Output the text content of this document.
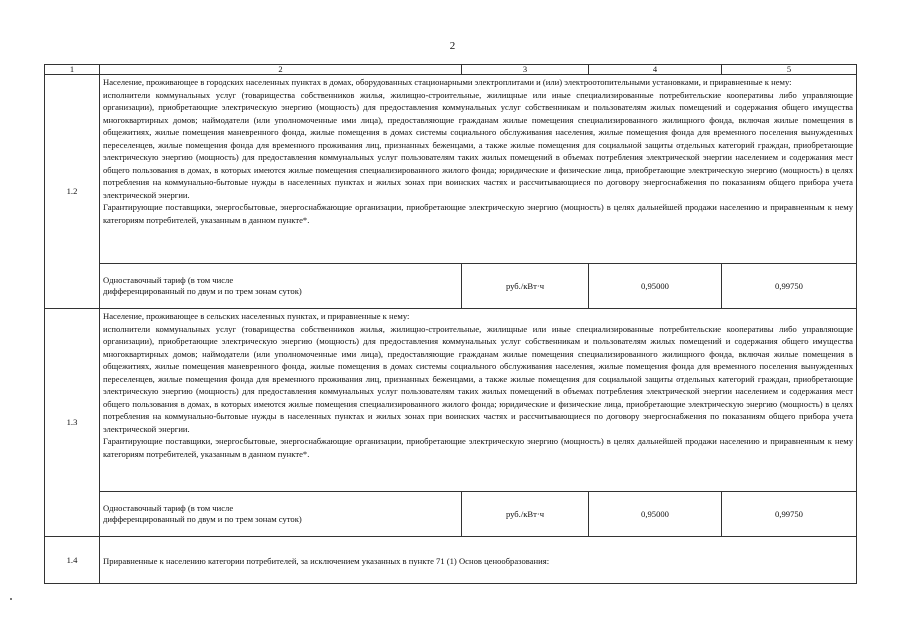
2
1	2	3	4	5
1.2	Население, проживающее в городских населенных пунктах в домах, оборудованных стационарными электроплитами и (или) электроотопительными установками, и приравненные к нему:

исполнители коммунальных услуг (товарищества собственников жилья, жилищно-строительные, жилищные или иные специализированные потребительские кооперативы либо управляющие организации), приобретающие электрическую энергию (мощность) для предоставления коммунальных услуг собственникам и пользователям жилых помещений и содержания общего имущества многоквартирных домов; наймодатели (или уполномоченные ими лица), предоставляющие гражданам жилые помещения специализированного жилищного фонда, включая жилые помещения в общежитиях, жилые помещения маневренного фонда, жилые помещения в домах системы социального обслуживания населения, жилые помещения фонда для временного поселения вынужденных переселенцев, жилые помещения фонда для временного проживания лиц, признанных беженцами, а также жилые помещения для социальной защиты отдельных категорий граждан, приобретающие электрическую энергию (мощность) для предоставления коммунальных услуг пользователям таких жилых помещений в объемах потребления электрической энергии населением и содержания мест общего пользования в домах, в которых имеются жилые помещения специализированного жилого фонда; юридические и физические лица, приобретающие электрическую энергию (мощность) в целях потребления на коммунально-бытовые нужды в населенных пунктах и жилых зонах при воинских частях и рассчитывающиеся по договору энергоснабжения по показаниям общего прибора учета электрической энергии.

Гарантирующие поставщики, энергосбытовые, энергоснабжающие организации, приобретающие электрическую энергию (мощность) в целях дальнейшей продажи населению и приравненным к нему категориям потребителей, указанным в данном пункте*.			

	Одноставочный тариф (в том числе
дифференцированный по двум и по трем зонам суток)	руб./кВт·ч	0,95000	0,99750
1.3	Население, проживающее в сельских населенных пунктах, и приравненные к нему:

исполнители коммунальных услуг (товарищества собственников жилья, жилищно-строительные, жилищные или иные специализированные потребительские кооперативы либо управляющие организации), приобретающие электрическую энергию (мощность) для предоставления коммунальных услуг собственникам и пользователям жилых помещений и содержания общего имущества многоквартирных домов; наймодатели (или уполномоченные ими лица), предоставляющие гражданам жилые помещения специализированного жилищного фонда, включая жилые помещения в общежитиях, жилые помещения маневренного фонда, жилые помещения в домах системы социального обслуживания населения, жилые помещения фонда для временного поселения вынужденных переселенцев, жилые помещения фонда для временного проживания лиц, признанных беженцами, а также жилые помещения для социальной защиты отдельных категорий граждан, приобретающие электрическую энергию (мощность) для предоставления коммунальных услуг пользователям таких жилых помещений в объемах потребления электрической энергии населением и содержания мест общего пользования в домах, в которых имеются жилые помещения специализированного жилого фонда; юридические и физические лица, приобретающие электрическую энергию (мощность) в целях потребления на коммунально-бытовые нужды в населенных пунктах и жилых зонах при воинских частях и рассчитывающиеся по договору энергоснабжения по показаниям общего прибора учета электрической энергии.

Гарантирующие поставщики, энергосбытовые, энергоснабжающие организации, приобретающие электрическую энергию (мощность) в целях дальнейшей продажи населению и приравненным к нему категориям потребителей, указанным в данном пункте*.			

	Одноставочный тариф (в том числе
дифференцированный по двум и по трем зонам суток)	руб./кВт·ч	0,95000	0,99750
1.4	Приравненные к населению категории потребителей, за исключением указанных в пункте 71 (1) Основ ценообразования:			
